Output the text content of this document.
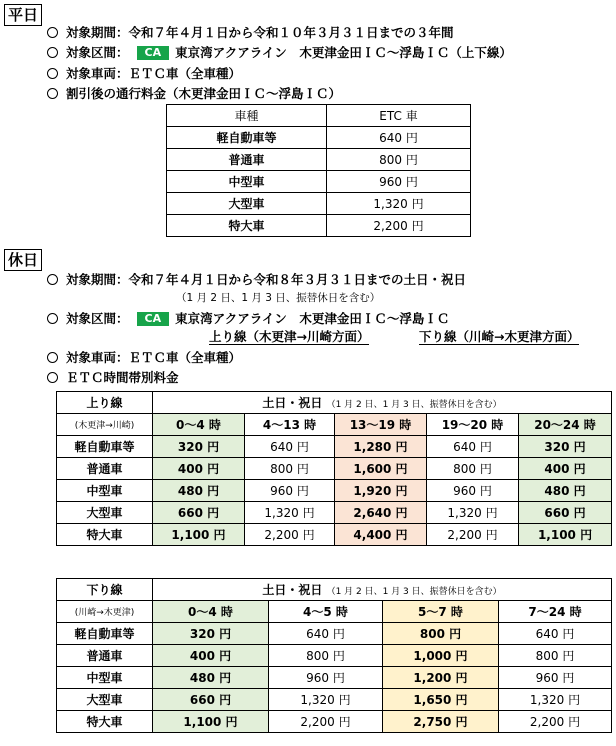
平日
対象期間：令和７年４月１日から令和１０年３月３１日までの３年間
対象区間： CA 東京湾アクアライン　木更津金田ＩＣ～浮島ＩＣ（上下線）
対象車両：ＥＴＣ車（全車種）
割引後の通行料金（木更津金田ＩＣ～浮島ＩＣ）
車種	ETC 車
軽自動車等	640 円
普通車	800 円
中型車	960 円
大型車	1,320 円
特大車	2,200 円
休日
対象期間：令和７年４月１日から令和８年３月３１日までの土日・祝日
（1 月 2 日、1 月 3 日、振替休日を含む）
対象区間： CA 東京湾アクアライン　木更津金田ＩＣ～浮島ＩＣ
上り線（木更津→川崎方面）	下り線（川崎→木更津方面）
対象車両：ＥＴＣ車（全車種）
ＥＴＣ時間帯別料金
上り線	土日・祝日 （1 月 2 日、1 月 3 日、振替休日を含む）				
(木更津→川崎)	0～4 時	4～13 時	13～19 時	19～20 時	20～24 時
軽自動車等	320 円	640 円	1,280 円	640 円	320 円
普通車	400 円	800 円	1,600 円	800 円	400 円
中型車	480 円	960 円	1,920 円	960 円	480 円
大型車	660 円	1,320 円	2,640 円	1,320 円	660 円
特大車	1,100 円	2,200 円	4,400 円	2,200 円	1,100 円
下り線	土日・祝日 （1 月 2 日、1 月 3 日、振替休日を含む）			
(川崎→木更津)	0～4 時	4～5 時	5～7 時	7～24 時
軽自動車等	320 円	640 円	800 円	640 円
普通車	400 円	800 円	1,000 円	800 円
中型車	480 円	960 円	1,200 円	960 円
大型車	660 円	1,320 円	1,650 円	1,320 円
特大車	1,100 円	2,200 円	2,750 円	2,200 円
